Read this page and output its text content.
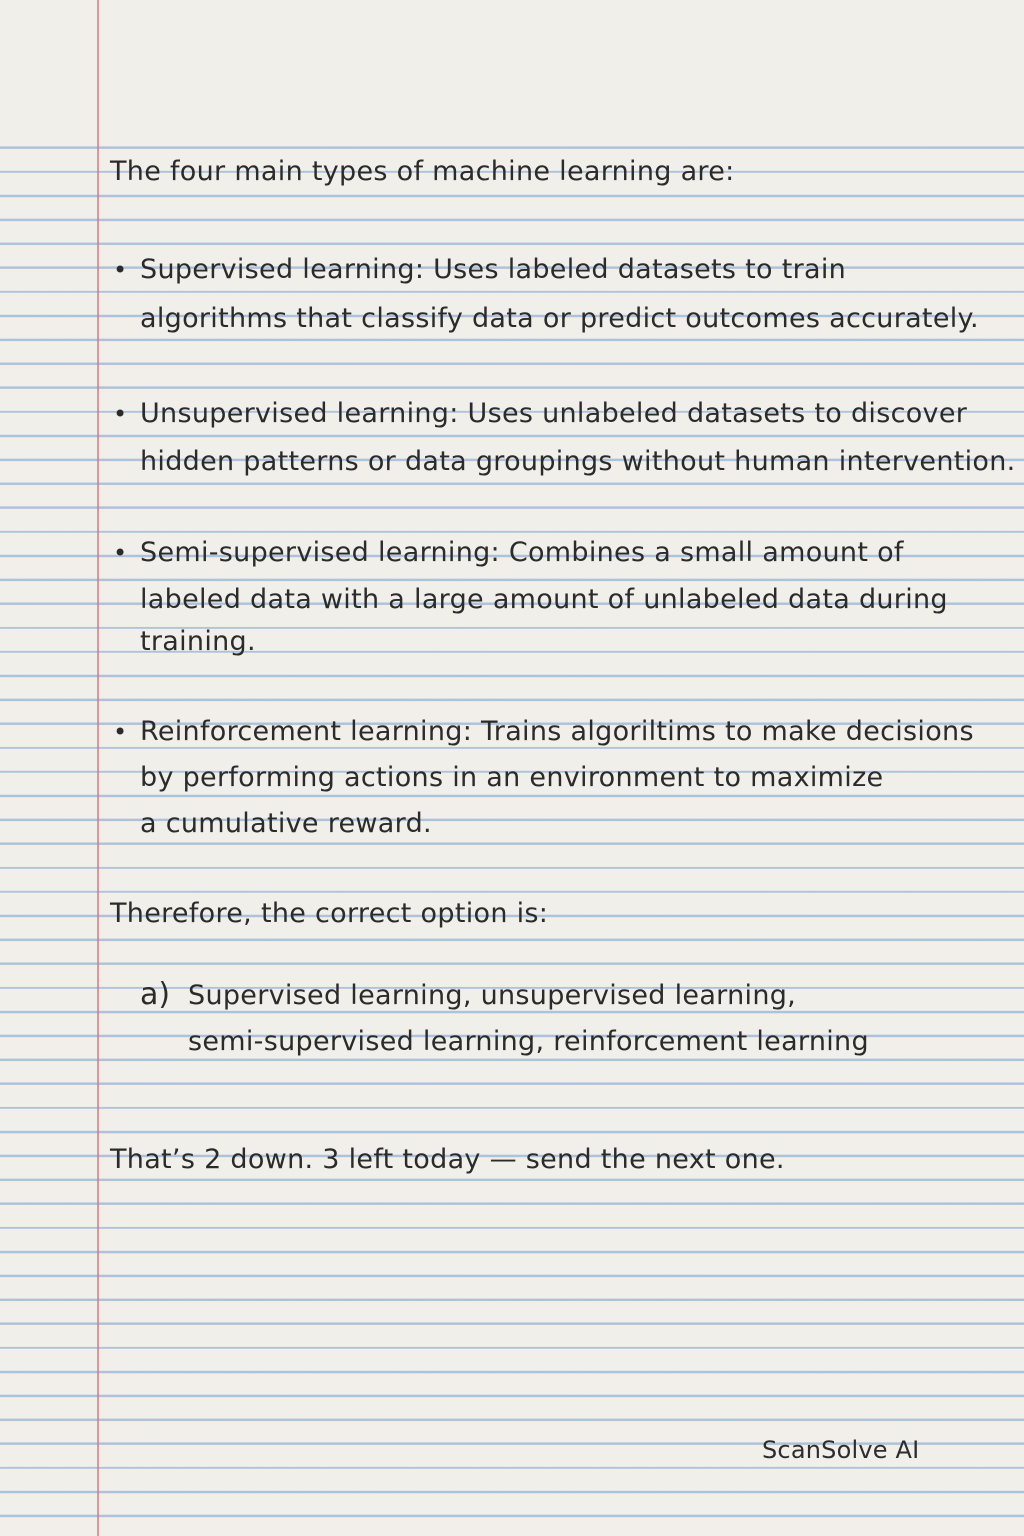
The four main types of machine learning are:
• Supervised learning: Uses labeled datasets to train
algorithms that classify data or predict outcomes accurately.
• Unsupervised learning: Uses unlabeled datasets to discover
hidden patterns or data groupings without human intervention.
• Semi-supervised learning: Combines a small amount of
labeled data with a large amount of unlabeled data during
training.
• Reinforcement learning: Trains algoriltims to make decisions
by performing actions in an environment to maximize
a cumulative reward.
Therefore, the correct option is:
a) Supervised learning, unsupervised learning,
semi-supervised learning, reinforcement learning
That’s 2 down. 3 left today — send the next one.
ScanSolve AI
